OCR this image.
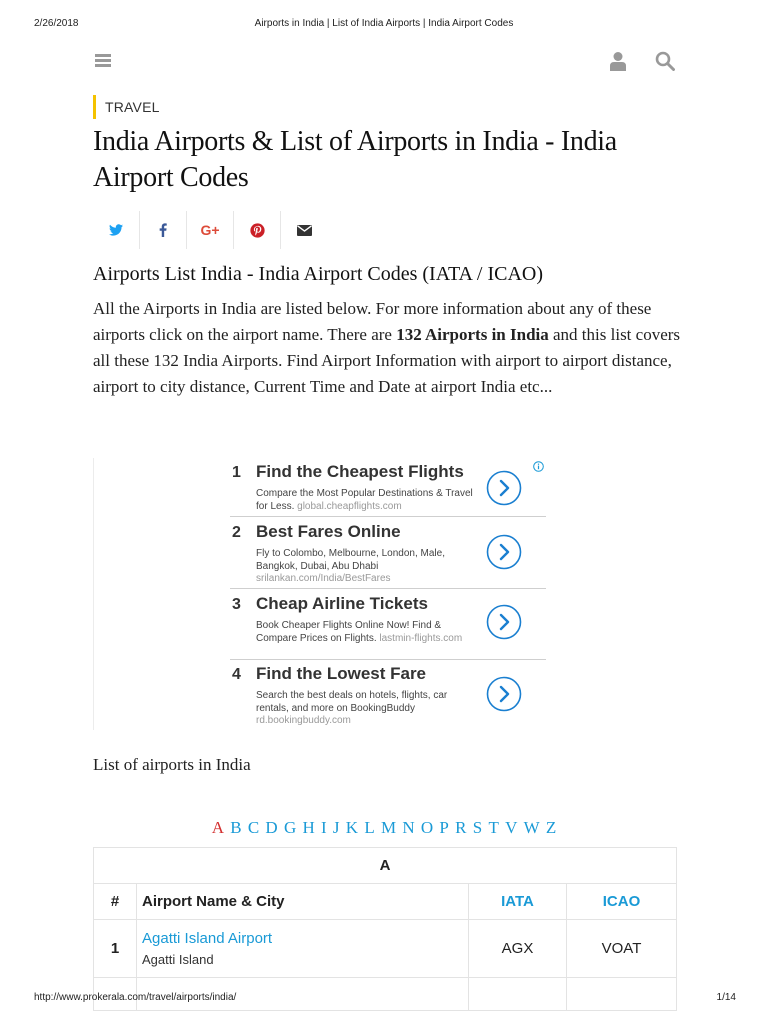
2/26/2018	Airports in India | List of India Airports | India Airport Codes
TRAVEL
India Airports & List of Airports in India - India Airport Codes
G+
Airports List India - India Airport Codes (IATA / ICAO)

All the Airports in India are listed below. For more information about any of these airports click on the airport name. There are 132 Airports in India and this list covers all these 132 India Airports. Find Airport Information with airport to airport distance, airport to city distance, Current Time and Date at airport India etc...

1 Find the Cheapest Flights
Compare the Most Popular Destinations & Travel for Less. global.cheapflights.com
2 Best Fares Online
Fly to Colombo, Melbourne, London, Male, Bangkok, Dubai, Abu Dhabi
srilankan.com/India/BestFares
3 Cheap Airline Tickets
Book Cheaper Flights Online Now! Find & Compare Prices on Flights. lastmin-flights.com
4 Find the Lowest Fare
Search the best deals on hotels, flights, car rentals, and more on BookingBuddy
rd.bookingbuddy.com
List of airports in India
A B C D G H I J K L M N O P R S T V W Z
A			
#	Airport Name & City	IATA	ICAO
1	Agatti Island Airport
Agatti Island	AGX	VOAT

http://www.prokerala.com/travel/airports/india/	1/14
